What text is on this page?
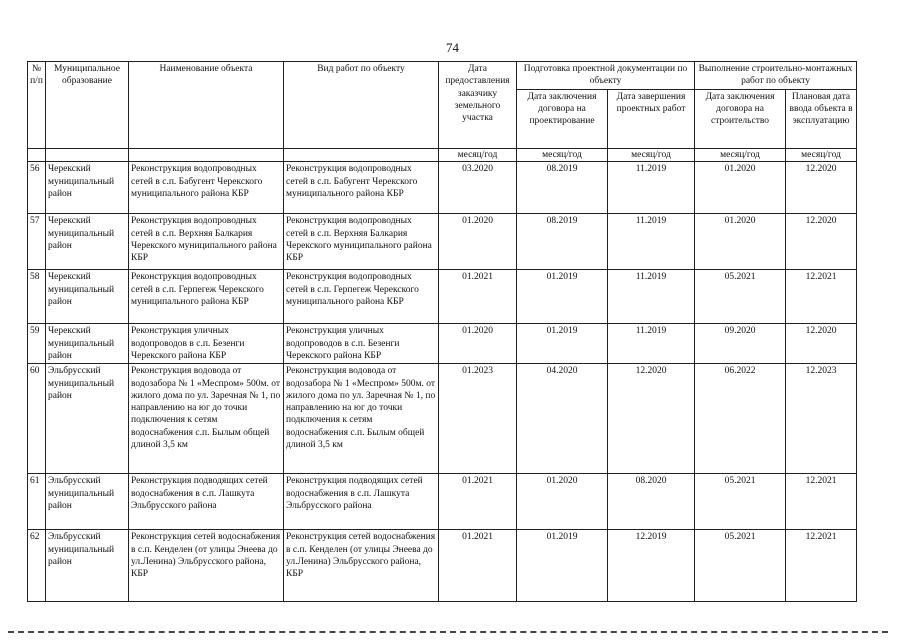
74
№ п/п	Муниципальное образование	Наименование объекта	Вид работ по объекту	Дата предоставления заказчику земельного участка	Подготовка проектной документации по объекту		Выполнение строительно-монтажных работ по объекту	
					Дата заключения договора на проектирование	Дата завершения проектных работ	Дата заключения договора на строительство	Плановая дата ввода объекта в эксплуатацию
				месяц/год	месяц/год	месяц/год	месяц/год	месяц/год
56	Черекский муниципальный район	Реконструкция водопроводных сетей в с.п. Бабугент Черекского муниципального района КБР	Реконструкция водопроводных сетей в с.п. Бабугент Черекского муниципального района КБР	03.2020	08.2019	11.2019	01.2020	12.2020
57	Черекский муниципальный район	Реконструкция водопроводных сетей в с.п. Верхняя Балкария Черекского муниципального района КБР	Реконструкция водопроводных сетей в с.п. Верхняя Балкария Черекского муниципального района КБР	01.2020	08.2019	11.2019	01.2020	12.2020
58	Черекский муниципальный район	Реконструкция водопроводных сетей в с.п. Герпегеж Черекского муниципального района КБР	Реконструкция водопроводных сетей в с.п. Герпегеж Черекского муниципального района КБР	01.2021	01.2019	11.2019	05.2021	12.2021
59	Черекский муниципальный район	Реконструкция уличных водопроводов в с.п. Безенги Черекского района КБР	Реконструкция уличных водопроводов в с.п. Безенги Черекского района КБР	01.2020	01.2019	11.2019	09.2020	12.2020
60	Эльбрусский муниципальный район	Реконструкция водовода от водозабора № 1 «Меспром» 500м. от жилого дома по ул. Заречная № 1, по направлению на юг до точки подключения к сетям водоснабжения с.п. Былым общей длиной 3,5 км	Реконструкция водовода от водозабора № 1 «Меспром» 500м. от жилого дома по ул. Заречная № 1, по направлению на юг до точки подключения к сетям водоснабжения с.п. Былым общей длиной 3,5 км	01.2023	04.2020	12.2020	06.2022	12.2023
61	Эльбрусский муниципальный район	Реконструкция подводящих сетей водоснабжения в с.п. Лашкута Эльбрусского района	Реконструкция подводящих сетей водоснабжения в с.п. Лашкута Эльбрусского района	01.2021	01.2020	08.2020	05.2021	12.2021
62	Эльбрусский муниципальный район	Реконструкция сетей водоснабжения в с.п. Кенделен (от улицы Энеева до ул.Ленина) Эльбрусского района, КБР	Реконструкция сетей водоснабжения в с.п. Кенделен (от улицы Энеева до ул.Ленина) Эльбрусского района, КБР	01.2021	01.2019	12.2019	05.2021	12.2021
